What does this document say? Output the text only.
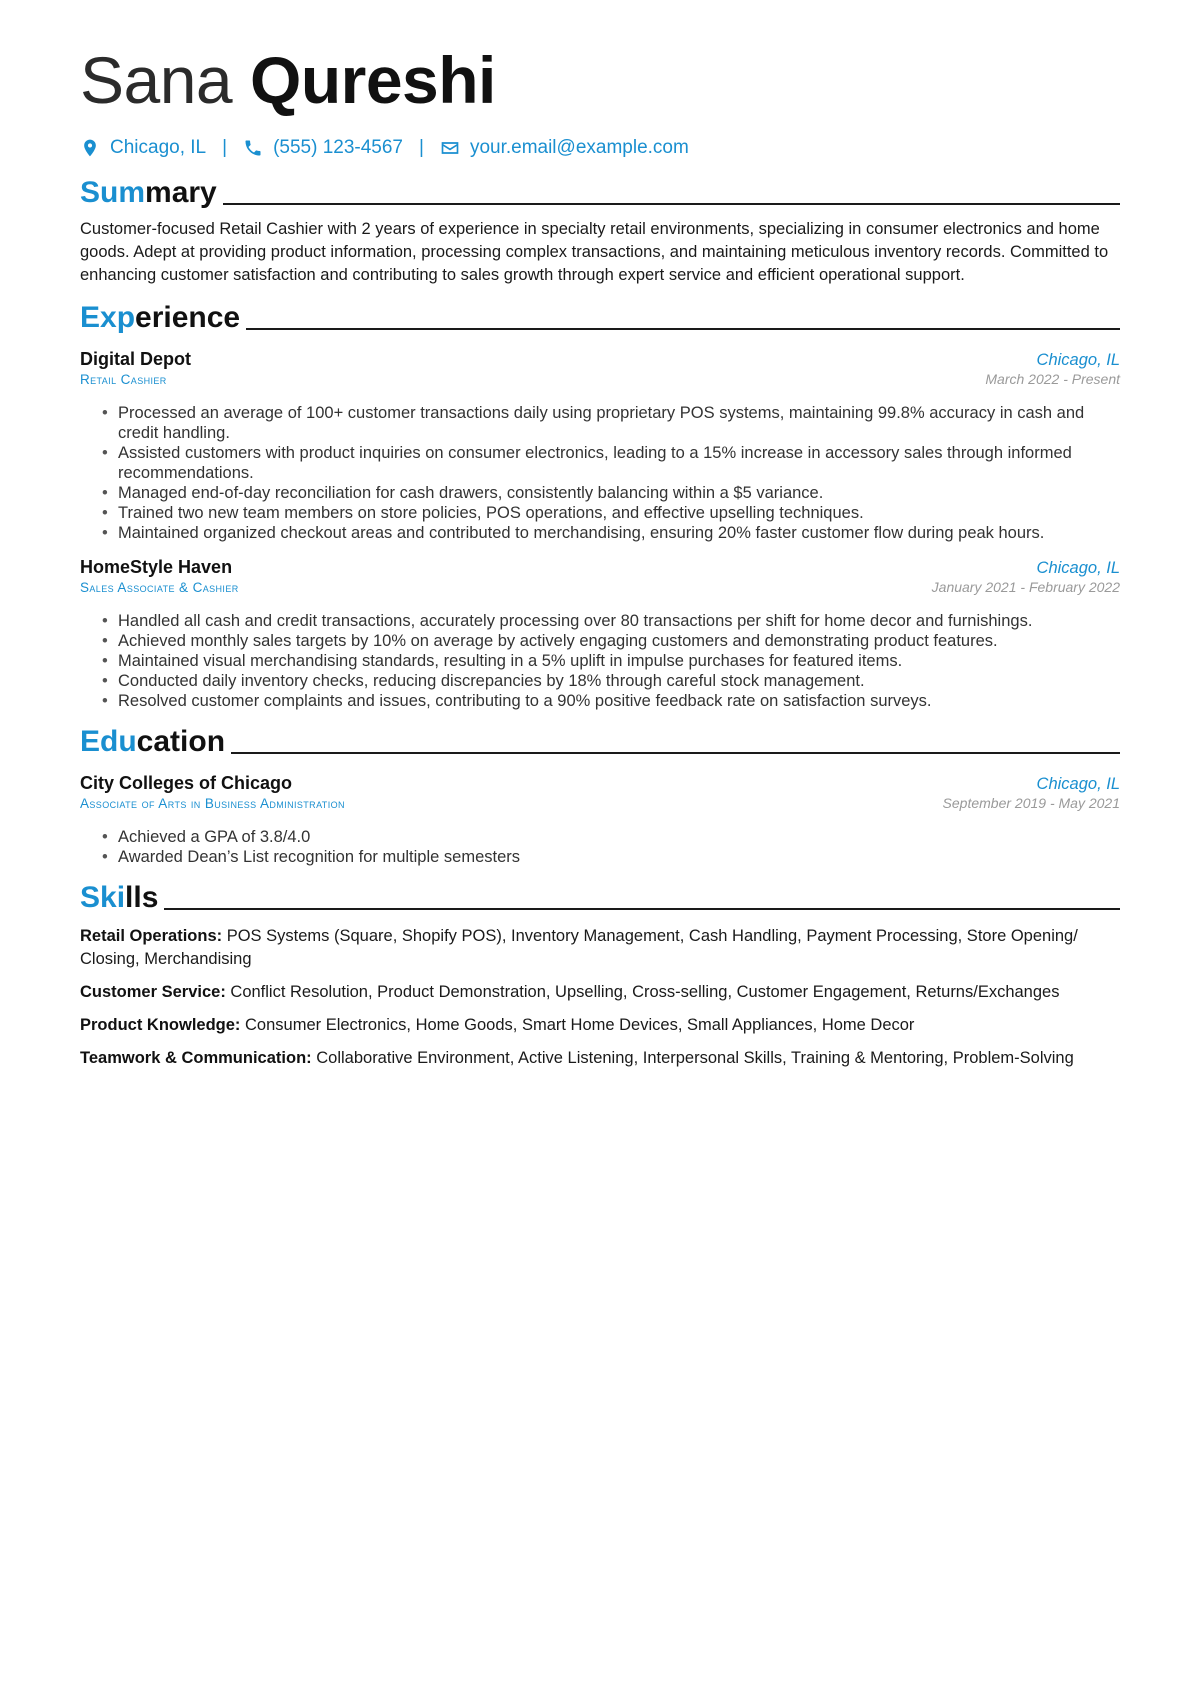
Sana Qureshi
Chicago, IL | (555) 123-4567 | your.email@example.com
Summary
Customer-focused Retail Cashier with 2 years of experience in specialty retail environments, specializing in consumer electronics and home goods. Adept at providing product information, processing complex transactions, and maintaining meticulous inventory records. Committed to enhancing customer satisfaction and contributing to sales growth through expert service and efficient operational support.
Experience
Digital Depot	Chicago, IL
Retail Cashier	March 2022 - Present
• Processed an average of 100+ customer transactions daily using proprietary POS systems, maintaining 99.8% accuracy in cash and credit handling.
• Assisted customers with product inquiries on consumer electronics, leading to a 15% increase in accessory sales through informed recommendations.
• Managed end-of-day reconciliation for cash drawers, consistently balancing within a $5 variance.
• Trained two new team members on store policies, POS operations, and effective upselling techniques.
• Maintained organized checkout areas and contributed to merchandising, ensuring 20% faster customer flow during peak hours.
HomeStyle Haven	Chicago, IL
Sales Associate & Cashier	January 2021 - February 2022
• Handled all cash and credit transactions, accurately processing over 80 transactions per shift for home decor and furnishings.
• Achieved monthly sales targets by 10% on average by actively engaging customers and demonstrating product features.
• Maintained visual merchandising standards, resulting in a 5% uplift in impulse purchases for featured items.
• Conducted daily inventory checks, reducing discrepancies by 18% through careful stock management.
• Resolved customer complaints and issues, contributing to a 90% positive feedback rate on satisfaction surveys.
Education
City Colleges of Chicago	Chicago, IL
Associate of Arts in Business Administration	September 2019 - May 2021
• Achieved a GPA of 3.8/4.0
• Awarded Dean’s List recognition for multiple semesters
Skills
Retail Operations: POS Systems (Square, Shopify POS), Inventory Management, Cash Handling, Payment Processing, Store Opening/ Closing, Merchandising
Customer Service: Conflict Resolution, Product Demonstration, Upselling, Cross-selling, Customer Engagement, Returns/Exchanges
Product Knowledge: Consumer Electronics, Home Goods, Smart Home Devices, Small Appliances, Home Decor
Teamwork & Communication: Collaborative Environment, Active Listening, Interpersonal Skills, Training & Mentoring, Problem-Solving
